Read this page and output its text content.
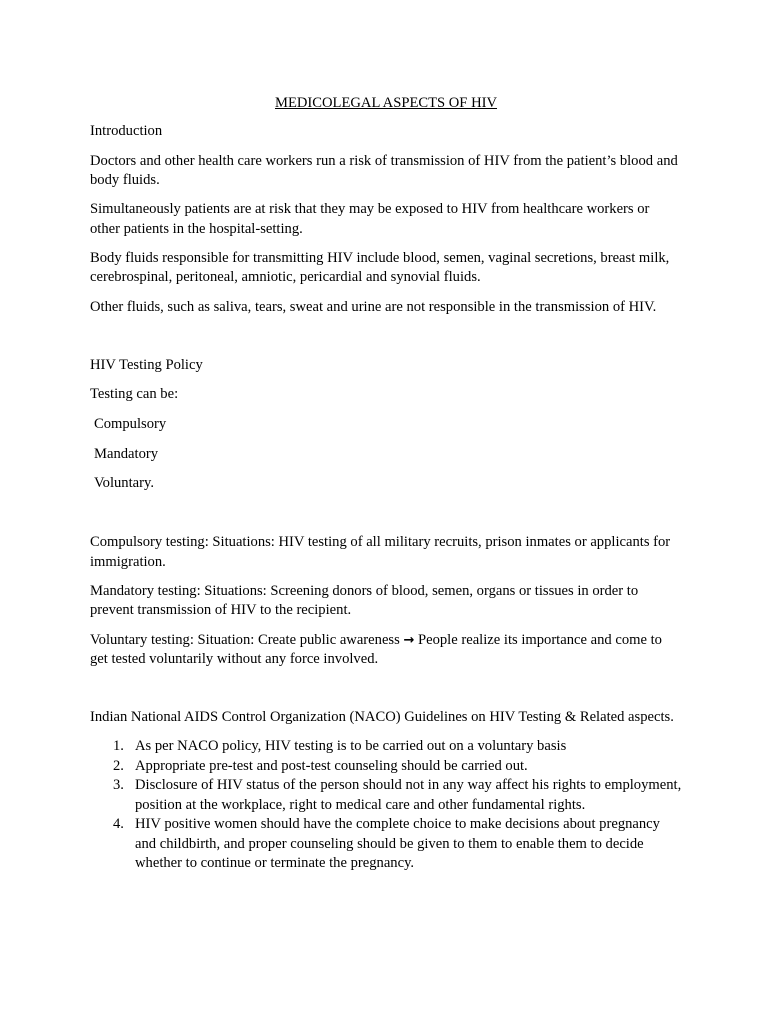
MEDICOLEGAL ASPECTS OF HIV

Introduction

Doctors and other health care workers run a risk of transmission of HIV from the patient’s blood and body fluids.

Simultaneously patients are at risk that they may be exposed to HIV from healthcare workers or other patients in the hospital-setting.

Body fluids responsible for transmitting HIV include blood, semen, vaginal secretions, breast milk, cerebrospinal, peritoneal, amniotic, pericardial and synovial fluids.

Other fluids, such as saliva, tears, sweat and urine are not responsible in the transmission of HIV.

HIV Testing Policy

Testing can be:

Compulsory

Mandatory

Voluntary.

Compulsory testing: Situations: HIV testing of all military recruits, prison inmates or applicants for immigration.

Mandatory testing: Situations: Screening donors of blood, semen, organs or tissues in order to prevent transmission of HIV to the recipient.

Voluntary testing: Situation: Create public awareness → People realize its importance and come to get tested voluntarily without any force involved.

Indian National AIDS Control Organization (NACO) Guidelines on HIV Testing & Related aspects.

1. As per NACO policy, HIV testing is to be carried out on a voluntary basis
2. Appropriate pre-test and post-test counseling should be carried out.
3. Disclosure of HIV status of the person should not in any way affect his rights to employment, position at the workplace, right to medical care and other fundamental rights.
4. HIV positive women should have the complete choice to make decisions about pregnancy and childbirth, and proper counseling should be given to them to enable them to decide whether to continue or terminate the pregnancy.
